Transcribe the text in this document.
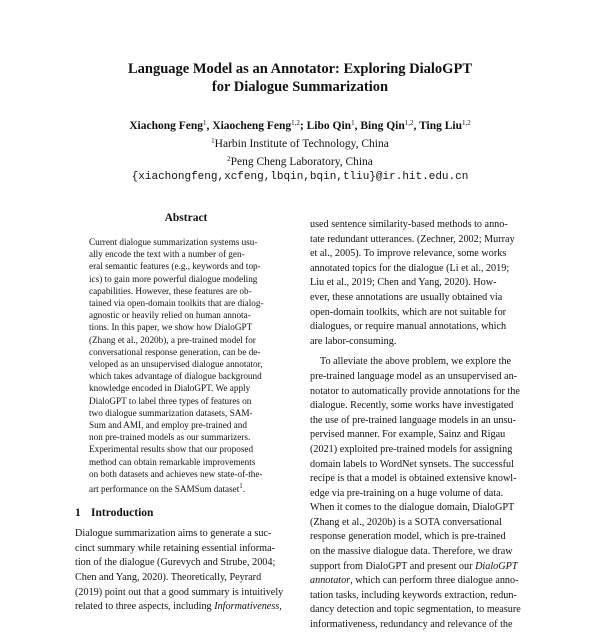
Language Model as an Annotator: Exploring DialoGPT
for Dialogue Summarization
Xiachong Feng$^1$, Xiaocheng Feng$^{1,2}$; Libo Qin$^1$, Bing Qin$^{1,2}$, Ting Liu$^{1,2}$
$^1$Harbin Institute of Technology, China
$^2$Peng Cheng Laboratory, China
{xiachongfeng,xcfeng,lbqin,bqin,tliu}@ir.hit.edu.cn
Abstract
Current dialogue summarization systems usu-
ally encode the text with a number of gen-
eral semantic features (e.g., keywords and top-
ics) to gain more powerful dialogue modeling
capabilities. However, these features are ob-
tained via open-domain toolkits that are dialog-
agnostic or heavily relied on human annota-
tions. In this paper, we show how DialoGPT
(Zhang et al., 2020b), a pre-trained model for
conversational response generation, can be de-
veloped as an unsupervised dialogue annotator,
which takes advantage of dialogue background
knowledge encoded in DialoGPT. We apply
DialoGPT to label three types of features on
two dialogue summarization datasets, SAM-
Sum and AMI, and employ pre-trained and
non pre-trained models as our summarizers.
Experimental results show that our proposed
method can obtain remarkable improvements
on both datasets and achieves new state-of-the-
art performance on the SAMSum dataset$^1$.
1 Introduction
Dialogue summarization aims to generate a suc-
cinct summary while retaining essential informa-
tion of the dialogue (Gurevych and Strube, 2004;
Chen and Yang, 2020). Theoretically, Peyrard
(2019) point out that a good summary is intuitively
related to three aspects, including Informativeness,
used sentence similarity-based methods to anno-
tate redundant utterances. (Zechner, 2002; Murray
et al., 2005). To improve relevance, some works
annotated topics for the dialogue (Li et al., 2019;
Liu et al., 2019; Chen and Yang, 2020). How-
ever, these annotations are usually obtained via
open-domain toolkits, which are not suitable for
dialogues, or require manual annotations, which
are labor-consuming.
To alleviate the above problem, we explore the
pre-trained language model as an unsupervised an-
notator to automatically provide annotations for the
dialogue. Recently, some works have investigated
the use of pre-trained language models in an unsu-
pervised manner. For example, Sainz and Rigau
(2021) exploited pre-trained models for assigning
domain labels to WordNet synsets. The successful
recipe is that a model is obtained extensive knowl-
edge via pre-training on a huge volume of data.
When it comes to the dialogue domain, DialoGPT
(Zhang et al., 2020b) is a SOTA conversational
response generation model, which is pre-trained
on the massive dialogue data. Therefore, we draw
support from DialoGPT and present our DialoGPT
annotator, which can perform three dialogue anno-
tation tasks, including keywords extraction, redun-
dancy detection and topic segmentation, to measure
informativeness, redundancy and relevance of the
